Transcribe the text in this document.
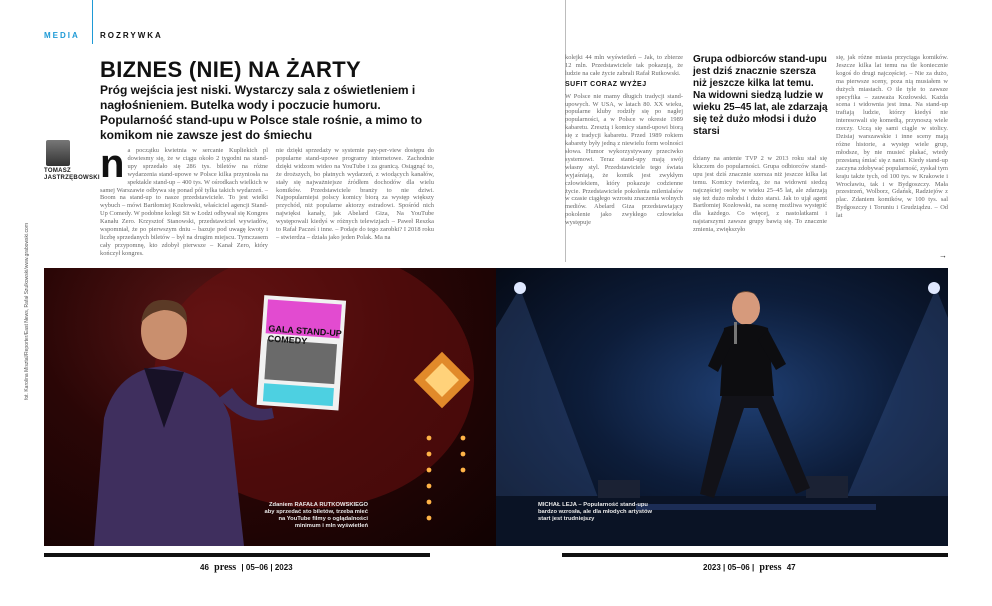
MEDIA	ROZRYWKA
BIZNES (NIE) NA ŻARTY
Próg wejścia jest niski. Wystarczy sala z oświetleniem i nagłośnieniem. Butelka wody i poczucie humoru. Popularność stand-upu w Polsce stale rośnie, a mimo to komikom nie zawsze jest do śmiechu
TOMASZ JASTRZĘBOWSKI n a początku kwietnia w sercanie Kupliekich pl dowiesmy się, że w ciągu około 2 tygodni na stand-upy sprzedało się 286 tys. biletów na różne wydarzenia stand-upowe w Polsce kilka przyniosła na spektakle stand-up – 400 tys. W ośrodkach wielkich w samej Warszawie odbywa się ponad pół tylka takich wydarzeń. – Boom na stand-up to nasze przedstawiciele. To jest wielki wybuch – mówi Bartłomiej Kozłowski, właściciel agencji Stand-Up Comedy. W podobne kolegi Sit w Łodzi odbywał się Kongres Kanału Zero. Krzysztof Stanowski, przedstawiciel wywiadów, wspomniał, że po pierwszym dniu – bazuje pod uwagę kwoty i liczbę sprzedanych biletów – był na drugim miejscu. Tymczasem cały przypomnę, kto zdobył pierwsze – Kanał Zero, który kończył kongres.

nie dzięki sprzedaży w systemie pay-per-view dostępu do popularne stand-upowe programy internetowe. Zachodnie dzięki widzom wideo na YouTube i za granicą. Osiągnąć to, że droższych, bo płatnych wydarzeń, z wiodących kanałów, stały się najważniejsze źródłem dochodów dla wielu komików. Przedstawiciele branży to nie dziwi. Najpopularniejsi polscy komicy biorą za występ większy przychód, niż popularne aktorzy estradowi. Spośród nich najwięksi kanały, jak Abelard Giza, Na YouTube występowali kiedyś w różnych telewizjach – Paweł Reszka to Rafał Pacześ i inne. – Podaje do tego zarobki? I 2018 roku – stwierdza – działa jako jeden Polak. Ma na

kolejki 44 mln wyświetleń – Jak, to zbierze 12 mln. Przedstawiciele tak pokazują, że ludzie na całe życie zabrali Rafał Rutkowski.

SUFIT CORAZ WYŻEJ

W Polsce nie mamy długich tradycji stand-upowych. W USA, w latach 80. XX wieku, popularne kluby rodziły się po nagłej popularności, a w Polsce w okresie 1989 kabaretu. Zresztą i komicy stand-upowi biorą się z tradycji kabaretu. Przed 1989 rokiem kabarety były jedną z niewielu form wolności słowa. Humor wykorzystywany przeciwko systemowi. Teraz stand-upy mają swój własny styl. Przedstawiciele tego świata wyjaśniają, że komik jest zwykłym człowiekiem, który pokazuje codzienne życie. Przedstawiciele pokolenia milenialsów w czasie ciągłego wzrostu znaczenia wolnych mediów. Abelard Giza przedstawiający pokolenie jako zwykłego człowieka występuje

Grupa odbiorców stand-upu jest dziś znacznie szersza niż jeszcze kilka lat temu. Na widowni siedzą ludzie w wieku 25–45 lat, ale zdarzają się też dużo młodsi i dużo starsi

dziany na antenie TVP 2 w 2013 roku stał się kluczem do popularności. Grupa odbiorców stand-upu jest dziś znacznie szersza niż jeszcze kilka lat temu. Komicy twierdzą, że na widowni siedzą najczęściej osoby w wieku 25–45 lat, ale zdarzają się też dużo młodsi i dużo starsi. Jak to ujął agent Bartłomiej Kozłowski, na scenę możliwa występić dla każdego. Co więcej, z nastolatkami i najstarszymi zawsze grupy bawią się. To znacznie zmienia, zwiększyło

się, jak różne miasta przyciąga komików. Jeszcze kilka lat temu na tle koniecznie kogoś do drugi najczęściej. – Nie za dużo, ma pierwsze sceny, poza nią musiałem w dużych miastach. O ile tyle to zawsze specyfika – zauważa Kozłowski. Każda scena i widownia jest inna. Na stand-up trafiają ludzie, którzy kiedyś nie interesowali się komedią, przynoszą wiele rzeczy. Uczą się sami ciągle w stolicy. Dzisiaj warszawskie i inne sceny mają różne historie, a występ wiele grup, młodsze, by nie musieć płakać, wtedy przestaną śmiać się z nami. Kiedy stand-up zaczyna zdobywać popularność, zyskał tym kraju także tych, od 100 tys. w Krakowie i Wrocławiu, tak i w Bydgoszczy. Mała przestrzeń, Wolborz, Gdańsk, Radziejów z plac. Zdaniem komików, w 100 tys. sal Bydgoszczy i Toruniu i Grudziądzu. – Od lat

→
GALA STAND-UP COMEDY
Zdaniem RAFAŁA RUTKOWSKIEGO aby sprzedać sto biletów, trzeba mieć na YouTube filmy o oglądalności minimum i mln wyświetleń
MICHAŁ LEJA – Popularność stand-upu bardzo wzrosła, ale dla młodych artystów start jest trudniejszy
fot. Karolina Misztal/Reporter/East News, Rafał Szulkowski/www.grabowski.com
46 press | 05–06 | 2023	2023 | 05–06 | press 47
